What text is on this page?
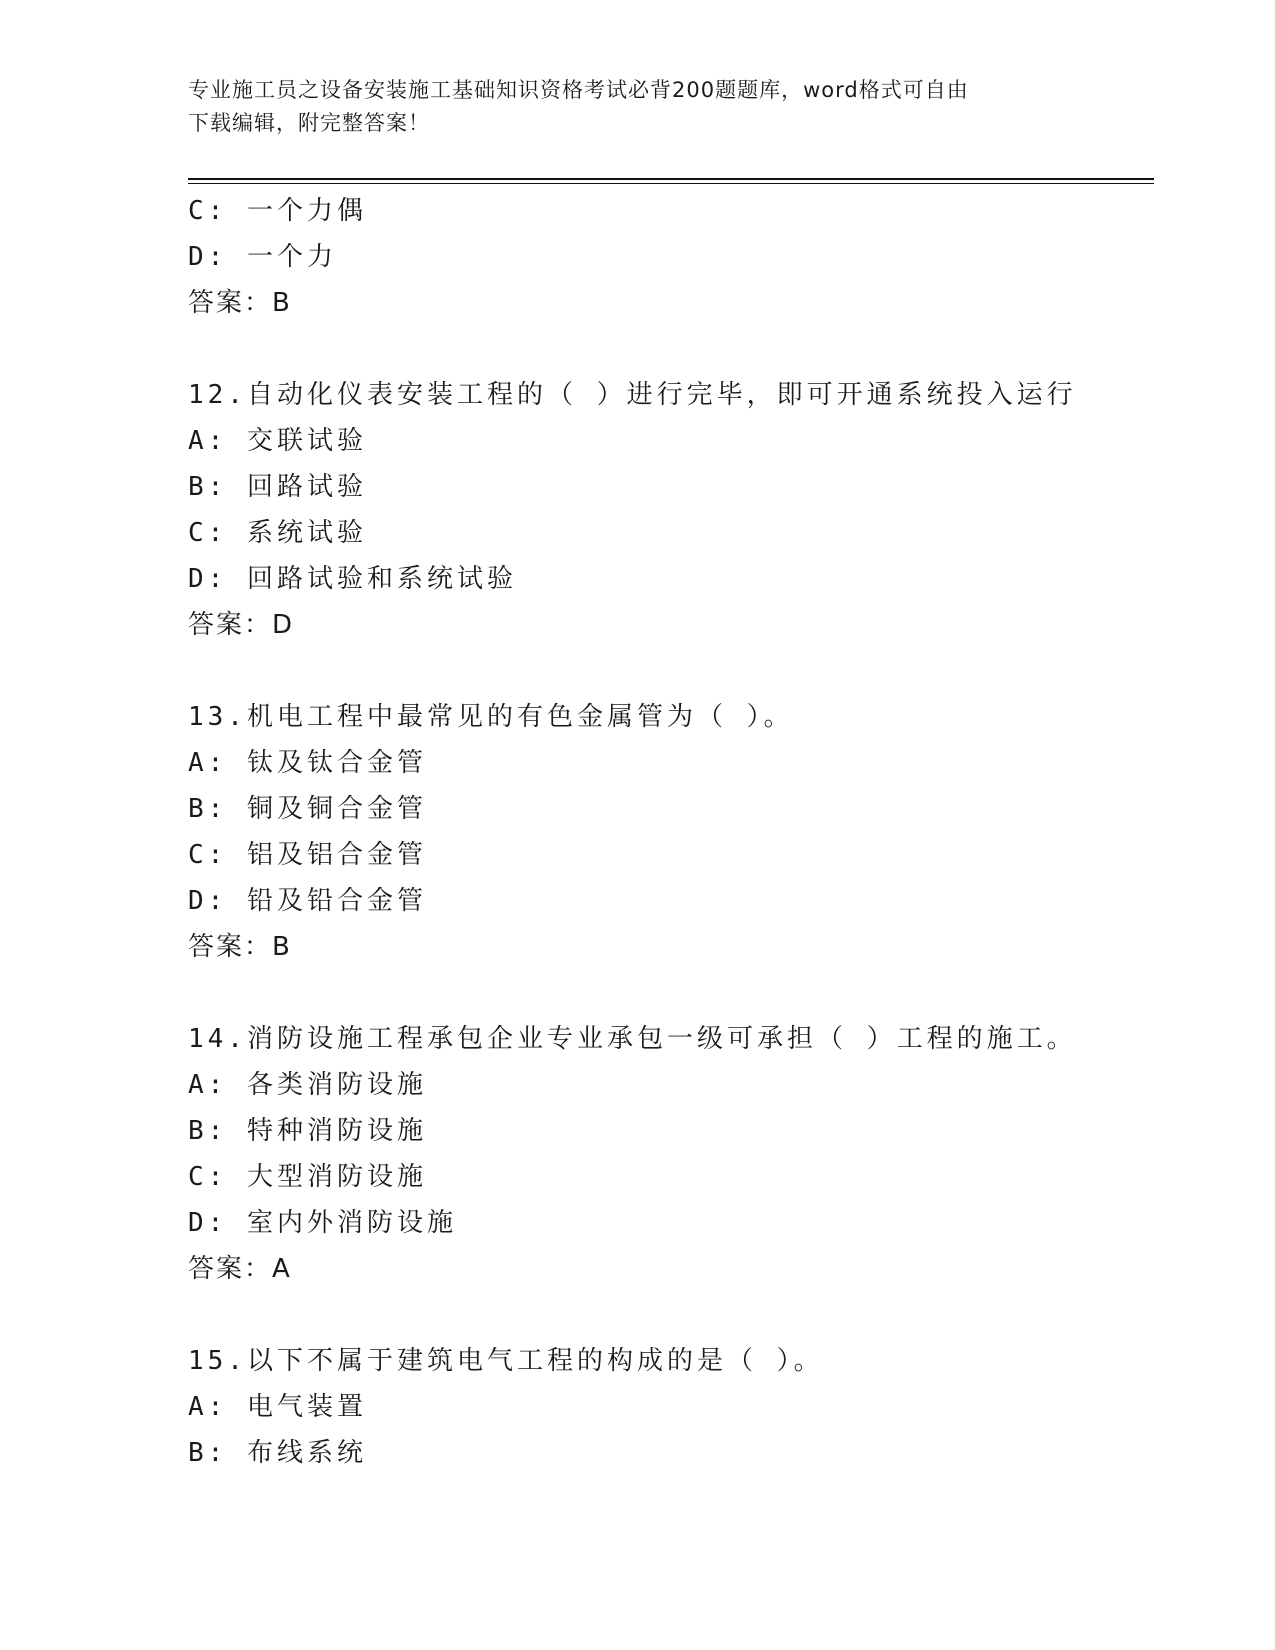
专业施工员之设备安装施工基础知识资格考试必背200题题库，word格式可自由
下载编辑，附完整答案！
C: 一个力偶
D: 一个力
答案：B
12.自动化仪表安装工程的（ ）进行完毕，即可开通系统投入运行
A: 交联试验
B: 回路试验
C: 系统试验
D: 回路试验和系统试验
答案：D
13.机电工程中最常见的有色金属管为（ ）。
A: 钛及钛合金管
B: 铜及铜合金管
C: 铝及铝合金管
D: 铅及铅合金管
答案：B
14.消防设施工程承包企业专业承包一级可承担（ ）工程的施工。
A: 各类消防设施
B: 特种消防设施
C: 大型消防设施
D: 室内外消防设施
答案：A
15.以下不属于建筑电气工程的构成的是（ ）。
A: 电气装置
B: 布线系统
